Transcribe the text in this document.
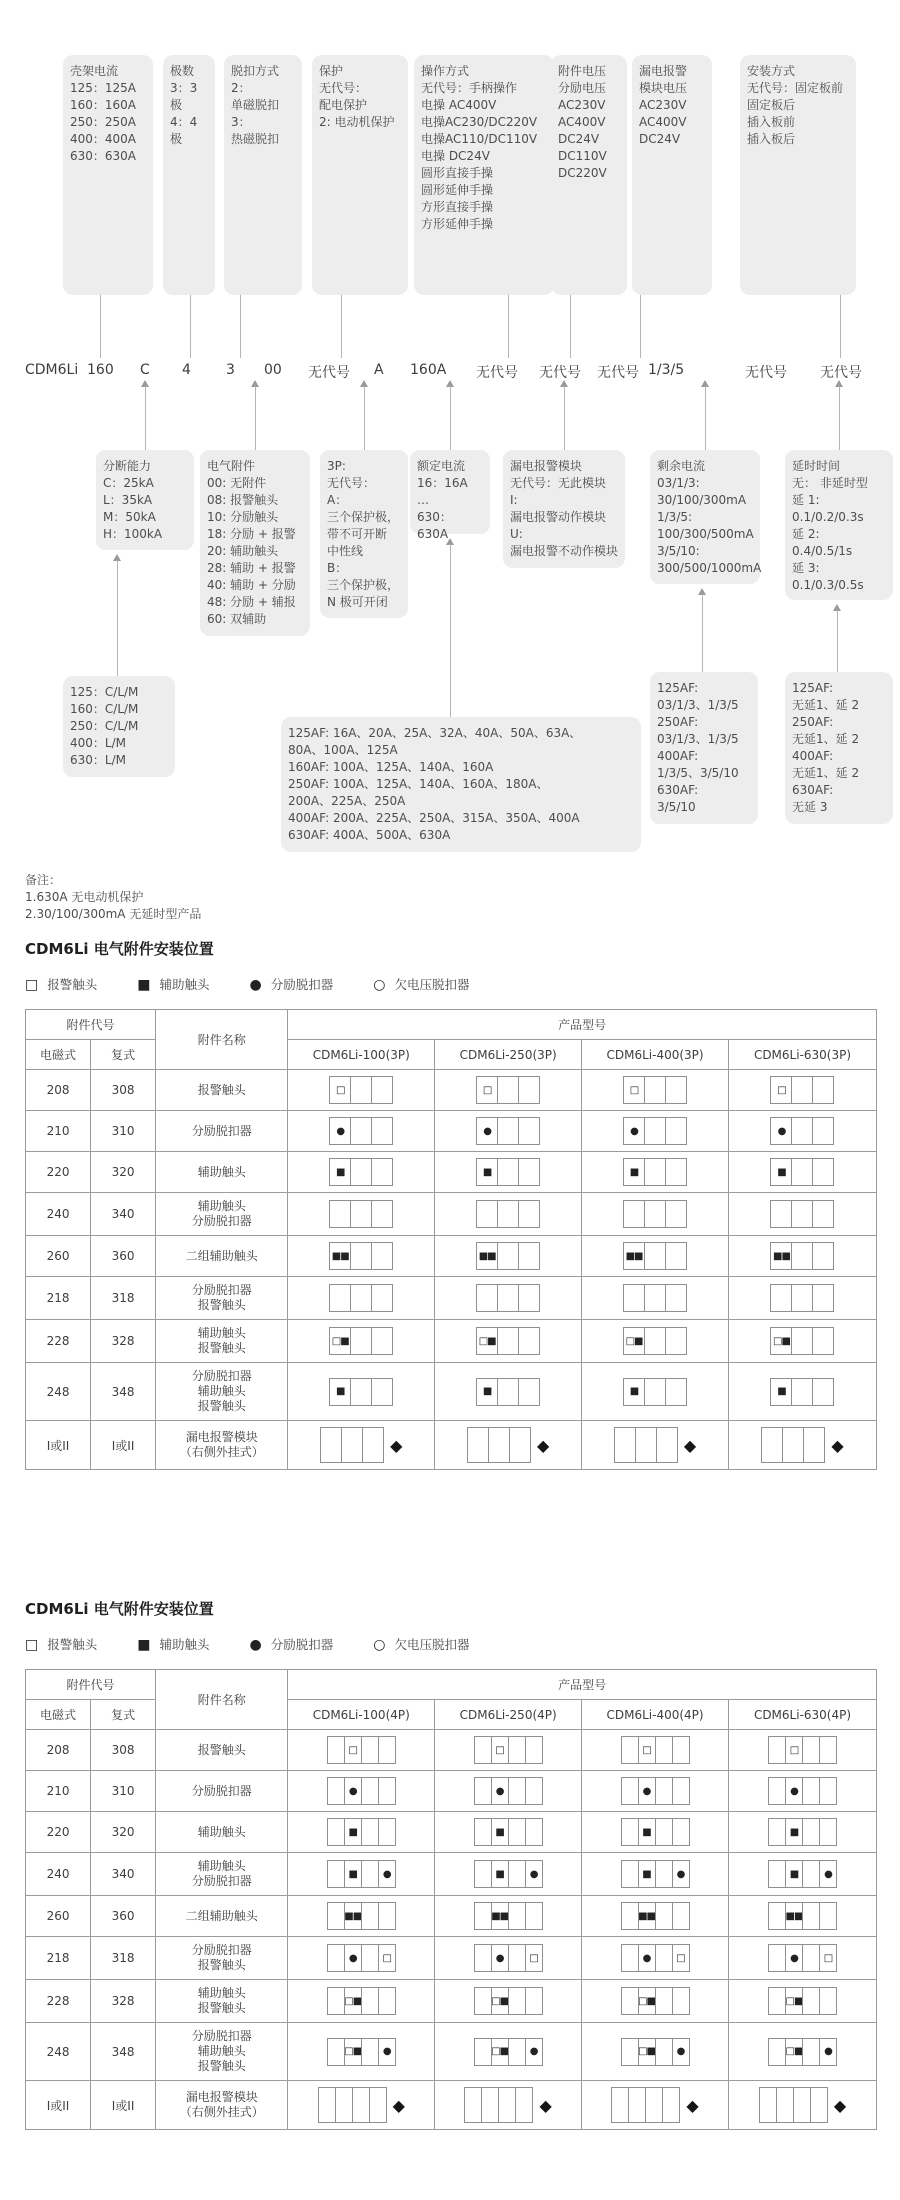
壳架电流
125：125A
160：160A
250：250A
400：400A
630：630A
极数
3：3极
4：4极
脱扣方式
2：
单磁脱扣
3：
热磁脱扣
保护
无代号：
配电保护
2: 电动机保护
操作方式
无代号：手柄操作
电操 AC400V
电操AC230/DC220V
电操AC110/DC110V
电操 DC24V
圆形直接手操
圆形延伸手操
方形直接手操
方形延伸手操
附件电压
分励电压
AC230V
AC400V
DC24V
DC110V
DC220V
漏电报警
模块电压
AC230V
AC400V
DC24V
安装方式
无代号：固定板前
固定板后
插入板前
插入板后
分断能力
C：25kA
L：35kA
M：50kA
H：100kA
电气附件
00: 无附件
08: 报警触头
10: 分励触头
18: 分励 + 报警
20: 辅助触头
28: 辅助 + 报警
40: 辅助 + 分励
48: 分励 + 辅报
60: 双辅助
3P:
无代号：
A：
三个保护极，
带不可开断
中性线
B：
三个保护极，
N 极可开闭
额定电流
16：16A
…
630：630A
漏电报警模块
无代号：无此模块
I:
漏电报警动作模块
U:
漏电报警不动作模块
剩余电流
03/1/3:
30/100/300mA
1/3/5:
100/300/500mA
3/5/10:
300/500/1000mA
延时时间
无： 非延时型
延 1:
0.1/0.2/0.3s
延 2:
0.4/0.5/1s
延 3:
0.1/0.3/0.5s
125：C/L/M
160：C/L/M
250：C/L/M
400：L/M
630：L/M
125AF: 16A、20A、25A、32A、40A、50A、63A、
80A、100A、125A
160AF: 100A、125A、140A、160A
250AF: 100A、125A、140A、160A、180A、
200A、225A、250A
400AF: 200A、225A、250A、315A、350A、400A
630AF: 400A、500A、630A
125AF:
03/1/3、1/3/5
250AF:
03/1/3、1/3/5
400AF:
1/3/5、3/5/10
630AF:
3/5/10
125AF:
无延1、延 2
250AF:
无延1、延 2
400AF:
无延1、延 2
630AF:
无延 3
CDM6Li 160 C 4	3 00 无代号 A 160A 无代号 无代号 无代号 1/3/5	无代号 无代号
备注：
1.630A 无电动机保护
2.30/100/300mA 无延时型产品
CDM6Li 电气附件安装位置
□ 报警触头	■ 辅助触头	● 分励脱扣器	○ 欠电压脱扣器
附件代号		附件名称	产品型号			
电磁式	复式		CDM6Li-100(3P)	CDM6Li-250(3P)	CDM6Li-400(3P)	CDM6Li-630(3P)
208	308	报警触头	□	□	□	□

210	310	分励脱扣器	●	●	●	●

220	320	辅助触头	■	■	■	■

240	340	辅助触头
分励脱扣器				

260	360	二组辅助触头	■■	■■	■■	■■

218	318	分励脱扣器
报警触头				

228	328	辅助触头
报警触头	□■	□■	□■	□■

248	348	分励脱扣器
辅助触头
报警触头	■	■	■	■

I或II	I或II	漏电报警模块
（右侧外挂式）	◆	◆	◆	◆
CDM6Li 电气附件安装位置
□ 报警触头	■ 辅助触头	● 分励脱扣器	○ 欠电压脱扣器
附件代号		附件名称	产品型号			
电磁式	复式		CDM6Li-100(4P)	CDM6Li-250(4P)	CDM6Li-400(4P)	CDM6Li-630(4P)
208	308	报警触头	□	□	□	□

210	310	分励脱扣器	●	●	●	●

220	320	辅助触头	■	■	■	■

240	340	辅助触头
分励脱扣器	■ ●	■ ●	■ ●	■ ●

260	360	二组辅助触头	■■	■■	■■	■■

218	318	分励脱扣器
报警触头	● □	● □	● □	● □

228	328	辅助触头
报警触头	□■	□■	□■	□■

248	348	分励脱扣器
辅助触头
报警触头	□■ ●	□■ ●	□■ ●	□■ ●

I或II	I或II	漏电报警模块
（右侧外挂式）	◆	◆	◆	◆
